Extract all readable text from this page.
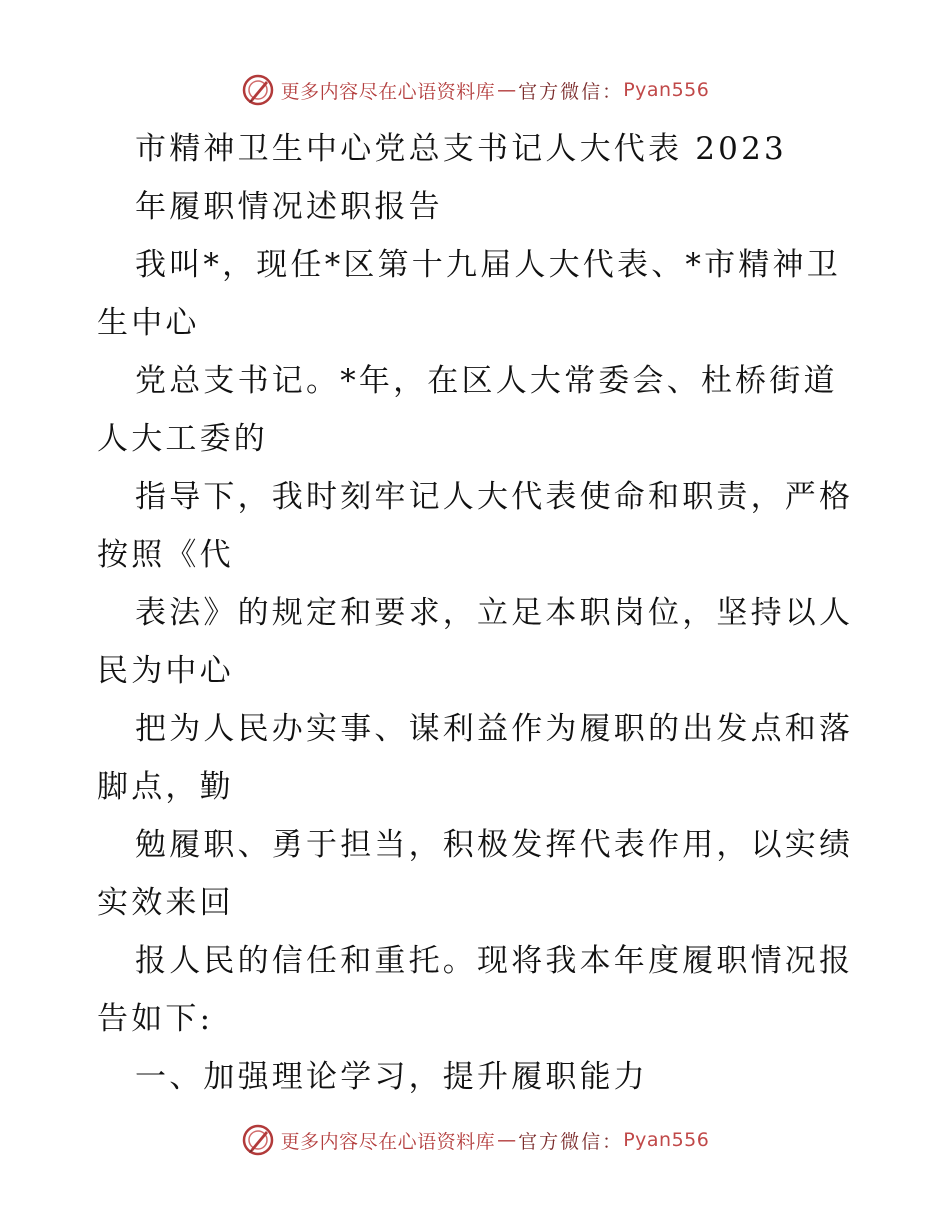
更多内容尽在心语资料库 — 官方微信： Pyan556
市精神卫生中心党总支书记人大代表 2023
年履职情况述职报告
我叫*，现任*区第十九届人大代表、*市精神卫
生中心
党总支书记。*年，在区人大常委会、杜桥街道
人大工委的
指导下，我时刻牢记人大代表使命和职责，严格
按照《代
表法》的规定和要求，立足本职岗位，坚持以人
民为中心
把为人民办实事、谋利益作为履职的出发点和落
脚点，勤
勉履职、勇于担当，积极发挥代表作用，以实绩
实效来回
报人民的信任和重托。现将我本年度履职情况报
告如下:
一、加强理论学习，提升履职能力
更多内容尽在心语资料库 — 官方微信： Pyan556
